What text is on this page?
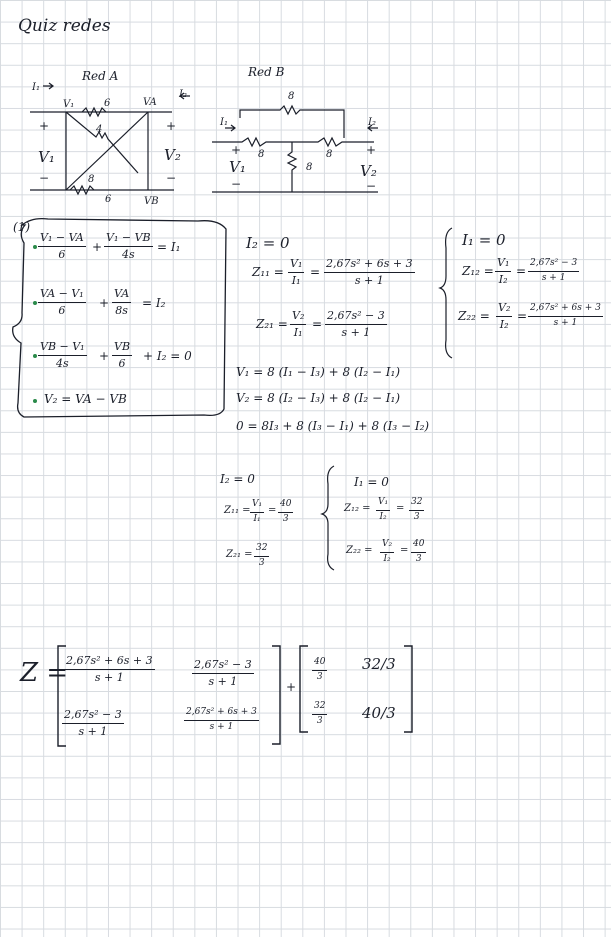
Quiz redes
Red A
I₁
I₂
V₁	VA
VB
6
4
8
6
+
−
V₁
+
−
V₂
Red B
8
8	8
8
I₁	I₂
+
V₁
−
+
V₂
−
(1)
$\frac{\text{V₁ − VA}}{6} + \frac{\text{V₁ − VB}}{4s} = I_1$
$\frac{\text{VA − V₁}}{6} + \frac{VA}{8s} = I_2$
$\frac{\text{VB − V₁}}{4s} + \frac{VB}{6} + I_2 = 0$
V₂ = VA − VB
I₂ = 0
$Z_{11} = \frac{\text{V₁}}{\text{I₁}} = \frac{\text{2,67s² + 6s + 3}}{s + 1}$
$Z_{21} = \frac{\text{V₂}}{\text{I₁}} = \frac{\text{2,67s² − 3}}{s + 1}$
V₁ = 8 (I₁ − I₃) + 8 (I₂ − I₁)
V₂ = 8 (I₂ − I₃) + 8 (I₂ − I₁)
0 = 8I₃ + 8 (I₃ − I₁) + 8 (I₃ − I₂)
I₁ = 0
$Z_{12} = \frac{\text{V₁}}{\text{I₂}} = \frac{\text{2,67s² − 3}}{s + 1}$
$Z_{22} = \frac{\text{V₂}}{\text{I₂}} = \frac{\text{2,67s² + 6s + 3}}{s + 1}$
I₂ = 0
$Z_{11} = \frac{\text{V₁}}{\text{I₁}} = \frac{40}{3}$
$Z_{21} = \frac{32}{3}$
I₁ = 0
$Z_{12} = \frac{\text{V₁}}{\text{I₂}} = \frac{32}{3}$
$Z_{22} = \frac{\text{V₂}}{\text{I₂}} = \frac{40}{3}$
Z =
$\frac{\text{2,67s² + 6s + 3}}{s + 1}$	$\frac{\text{2,67s² − 3}}{s + 1}$
$\frac{\text{2,67s² − 3}}{s + 1}$	$\frac{\text{2,67s² + 6s + 3}}{s + 1}$
+
$\frac{40}{3} 32/3$
$\frac{32}{3} 40/3$
